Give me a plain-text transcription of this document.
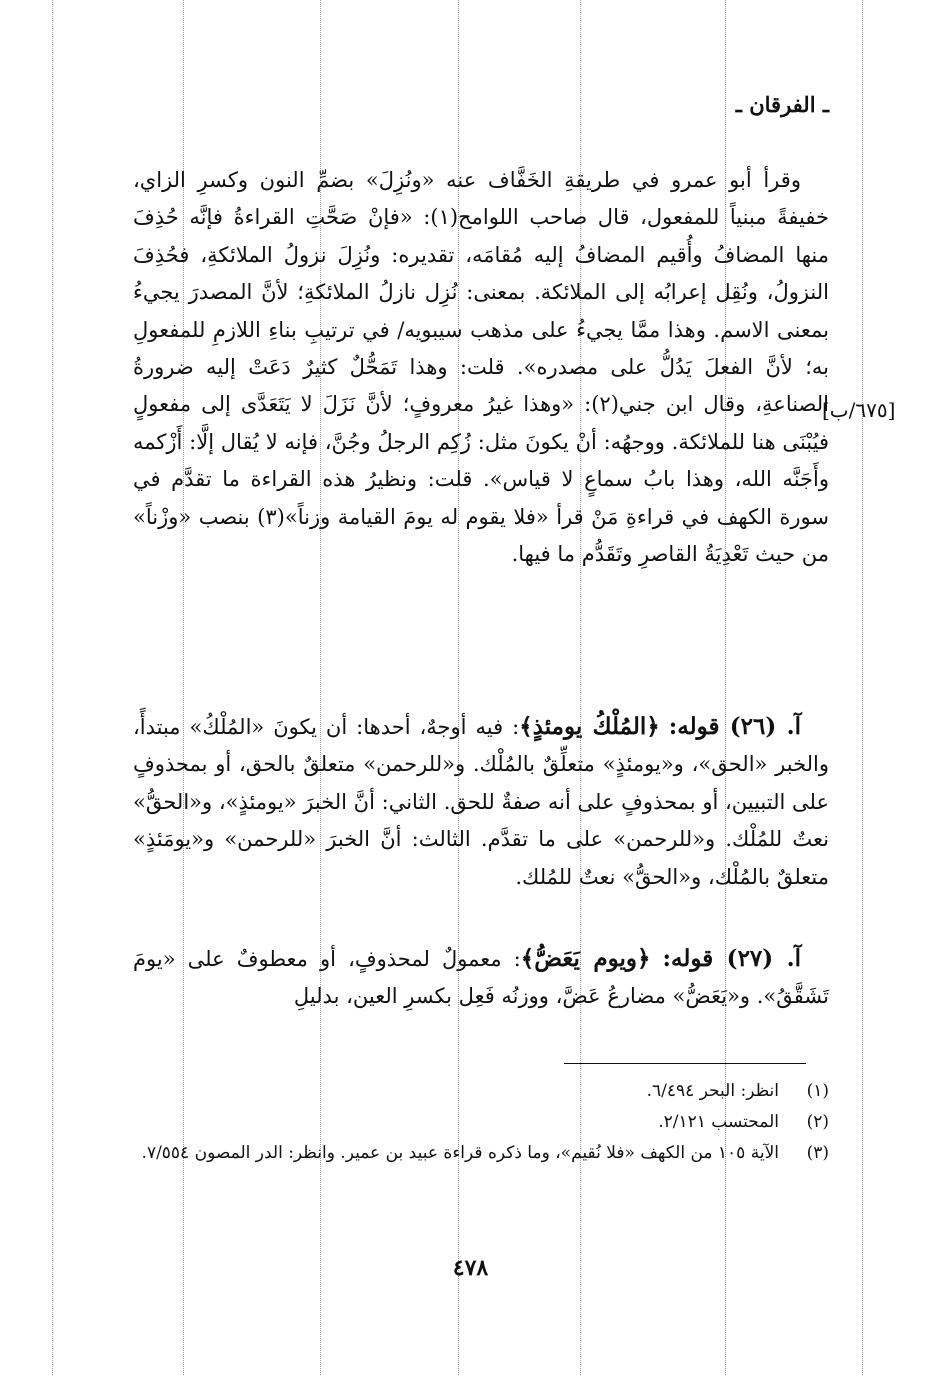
ـ الفرقان ـ
[٦٧٥/ب]

وقرأ أبو عمرو في طريقةِ الخَفَّاف عنه «ونُزِلَ» بضمِّ النون وكسرِ الزاي، خفيفةً مبنياً للمفعول، قال صاحب اللوامح(١): «فإنْ صَحَّتِ القراءةُ فإنَّه حُذِفَ منها المضافُ وأُقيم المضافُ إليه مُقامَه، تقديره: ونُزِلَ نزولُ الملائكةِ، فحُذِفَ النزولُ، ونُقِل إعرابُه إلى الملائكة. بمعنى: نُزِل نازلُ الملائكةِ؛ لأنَّ المصدرَ يجيءُ بمعنى الاسم. وهذا ممَّا يجيءُ على مذهب سيبويه/ في ترتيبِ بناءِ اللازمِ للمفعولِ به؛ لأنَّ الفعلَ يَدُلُّ على مصدره». قلت: وهذا تَمَحُّلٌ كثيرٌ دَعَتْ إليه ضرورةُ الصناعةِ، وقال ابن جني(٢): «وهذا غيرُ معروفٍ؛ لأنَّ نَزَلَ لا يَتَعَدَّى إلى مفعولٍ فيُبْنَى هنا للملائكة. ووجهُه: أنْ يكونَ مثل: زُكِم الرجلُ وجُنَّ، فإنه لا يُقال إلَّا: أَزْكمه وأَجَنَّه الله، وهذا بابُ سماعٍ لا قياس». قلت: ونظيرُ هذه القراءة ما تقدَّم في سورة الكهف في قراءةِ مَنْ قرأ «فلا يقوم له يومَ القيامة وزناً»(٣) بنصب «وزْناً» من حيث تَعْدِيَةُ القاصرِ وتَقَدُّم ما فيها.

آ. (٢٦) قوله: ﴿المُلْكُ يومئذٍ﴾: فيه أوجهٌ، أحدها: أن يكونَ «المُلْكُ» مبتدأً، والخبر «الحق»، و«يومئذٍ» متعلِّقٌ بالمُلْك. و«للرحمن» متعلقٌ بالحق، أو بمحذوفٍ على التبيين، أو بمحذوفٍ على أنه صفةٌ للحق. الثاني: أنَّ الخبرَ «يومئذٍ»، و«الحقُّ» نعتٌ للمُلْك. و«للرحمن» على ما تقدَّم. الثالث: أنَّ الخبرَ «للرحمن» و«يومَئذٍ» متعلقٌ بالمُلْك، و«الحقُّ» نعتٌ للمُلك.

آ. (٢٧) قوله: ﴿ويوم يَعَضُّ﴾: معمولٌ لمحذوفٍ، أو معطوفٌ على «يومَ تَشَقَّقُ». و«يَعَضُّ» مضارعُ عَضَّ، ووزنُه فَعِل بكسرِ العين، بدليلِ

(١)
انظر: البحر ٦/٤٩٤.
(٢)
المحتسب ٢/١٢١.
(٣)
الآية ١٠٥ من الكهف «فلا نُقيم»، وما ذكره قراءة عبيد بن عمير. وانظر: الدر المصون ٧/٥٥٤.
٤٧٨
